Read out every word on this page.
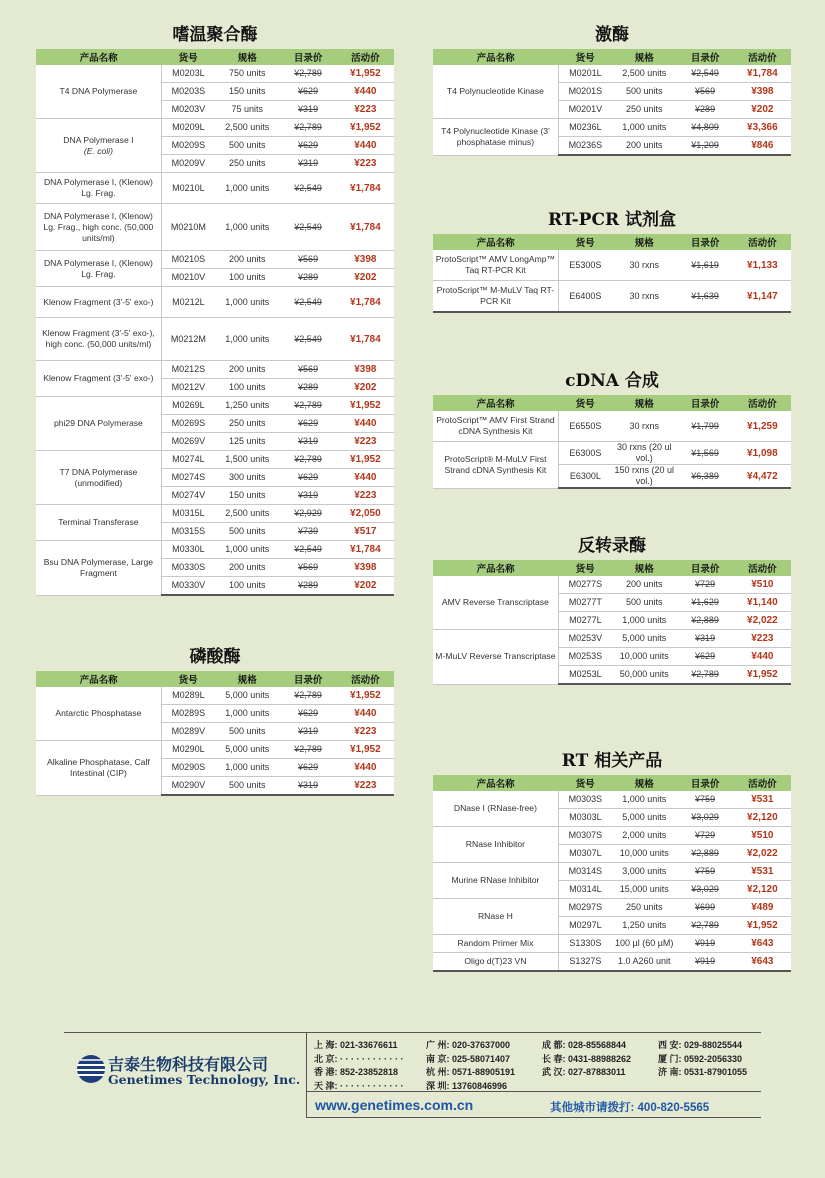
嗜温聚合酶
产品名称	货号	规格	目录价	活动价
T4 DNA Polymerase	M0203L	750 units	¥2,789	¥1,952
	M0203S	150 units	¥629	¥440
	M0203V	75 units	¥319	¥223
DNA Polymerase I
(E. coli)	M0209L	2,500 units	¥2,789	¥1,952
	M0209S	500 units	¥629	¥440
	M0209V	250 units	¥319	¥223
DNA Polymerase I, (Klenow) Lg. Frag.	M0210L	1,000 units	¥2,549	¥1,784
DNA Polymerase I, (Klenow) Lg. Frag., high conc. (50,000 units/ml)	M0210M	1,000 units	¥2,549	¥1,784
DNA Polymerase I, (Klenow) Lg. Frag.	M0210S	200 units	¥569	¥398
	M0210V	100 units	¥289	¥202
Klenow Fragment (3'-5' exo-)	M0212L	1,000 units	¥2,549	¥1,784
Klenow Fragment (3'-5' exo-), high conc. (50,000 units/ml)	M0212M	1,000 units	¥2,549	¥1,784
Klenow Fragment (3'-5' exo-)	M0212S	200 units	¥569	¥398
	M0212V	100 units	¥289	¥202
phi29 DNA Polymerase	M0269L	1,250 units	¥2,789	¥1,952
	M0269S	250 units	¥629	¥440
	M0269V	125 units	¥319	¥223
T7 DNA Polymerase (unmodified)	M0274L	1,500 units	¥2,789	¥1,952
	M0274S	300 units	¥629	¥440
	M0274V	150 units	¥319	¥223
Terminal Transferase	M0315L	2,500 units	¥2,929	¥2,050
	M0315S	500 units	¥739	¥517
Bsu DNA Polymerase, Large Fragment	M0330L	1,000 units	¥2,549	¥1,784
	M0330S	200 units	¥569	¥398
	M0330V	100 units	¥289	¥202
磷酸酶
产品名称	货号	规格	目录价	活动价
Antarctic Phosphatase	M0289L	5,000 units	¥2,789	¥1,952
	M0289S	1,000 units	¥629	¥440
	M0289V	500 units	¥319	¥223
Alkaline Phosphatase, Calf Intestinal (CIP)	M0290L	5,000 units	¥2,789	¥1,952
	M0290S	1,000 units	¥629	¥440
	M0290V	500 units	¥319	¥223
激酶
产品名称	货号	规格	目录价	活动价
T4 Polynucleotide Kinase	M0201L	2,500 units	¥2,549	¥1,784
	M0201S	500 units	¥569	¥398
	M0201V	250 units	¥289	¥202
T4 Polynucleotide Kinase (3' phosphatase minus)	M0236L	1,000 units	¥4,809	¥3,366
	M0236S	200 units	¥1,209	¥846
RT-PCR 试剂盒
产品名称	货号	规格	目录价	活动价
ProtoScript™ AMV LongAmp™ Taq RT-PCR Kit	E5300S	30 rxns	¥1,619	¥1,133
ProtoScript™ M-MuLV Taq RT-PCR Kit	E6400S	30 rxns	¥1,639	¥1,147
cDNA 合成
产品名称	货号	规格	目录价	活动价
ProtoScript™ AMV First Strand cDNA Synthesis Kit	E6550S	30 rxns	¥1,799	¥1,259
ProtoScript® M-MuLV First Strand cDNA Synthesis Kit	E6300S	30 rxns (20 ul vol.)	¥1,569	¥1,098
	E6300L	150 rxns (20 ul vol.)	¥6,389	¥4,472
反转录酶
产品名称	货号	规格	目录价	活动价
AMV Reverse Transcriptase	M0277S	200 units	¥729	¥510
	M0277T	500 units	¥1,629	¥1,140
	M0277L	1,000 units	¥2,889	¥2,022
M-MuLV Reverse Transcriptase	M0253V	5,000 units	¥319	¥223
	M0253S	10,000 units	¥629	¥440
	M0253L	50,000 units	¥2,789	¥1,952
RT 相关产品
产品名称	货号	规格	目录价	活动价
DNase I (RNase-free)	M0303S	1,000 units	¥759	¥531
	M0303L	5,000 units	¥3,029	¥2,120
RNase Inhibitor	M0307S	2,000 units	¥729	¥510
	M0307L	10,000 units	¥2,889	¥2,022
Murine RNase Inhibitor	M0314S	3,000 units	¥759	¥531
	M0314L	15,000 units	¥3,029	¥2,120
RNase H	M0297S	250 units	¥699	¥489
	M0297L	1,250 units	¥2,789	¥1,952
Random Primer Mix	S1330S	100 µl (60 µM)	¥919	¥643
Oligo d(T)23 VN	S1327S	1.0 A260 unit	¥919	¥643
吉泰生物科技有限公司
Genetimes Technology, Inc.
上 海: 021-33676611	广 州: 020-37637000	成 都: 028-85568844	西 安: 029-88025544
北 京: · · · · · · · · · · · ·	南 京: 025-58071407	长 春: 0431-88988262	厦 门: 0592-2056330
香 港: 852-23852818	杭 州: 0571-88905191	武 汉: 027-87883011	济 南: 0531-87901055
天 津: · · · · · · · · · · · ·	深 圳: 13760846996
www.genetimes.com.cn	其他城市请拨打: 400-820-5565
